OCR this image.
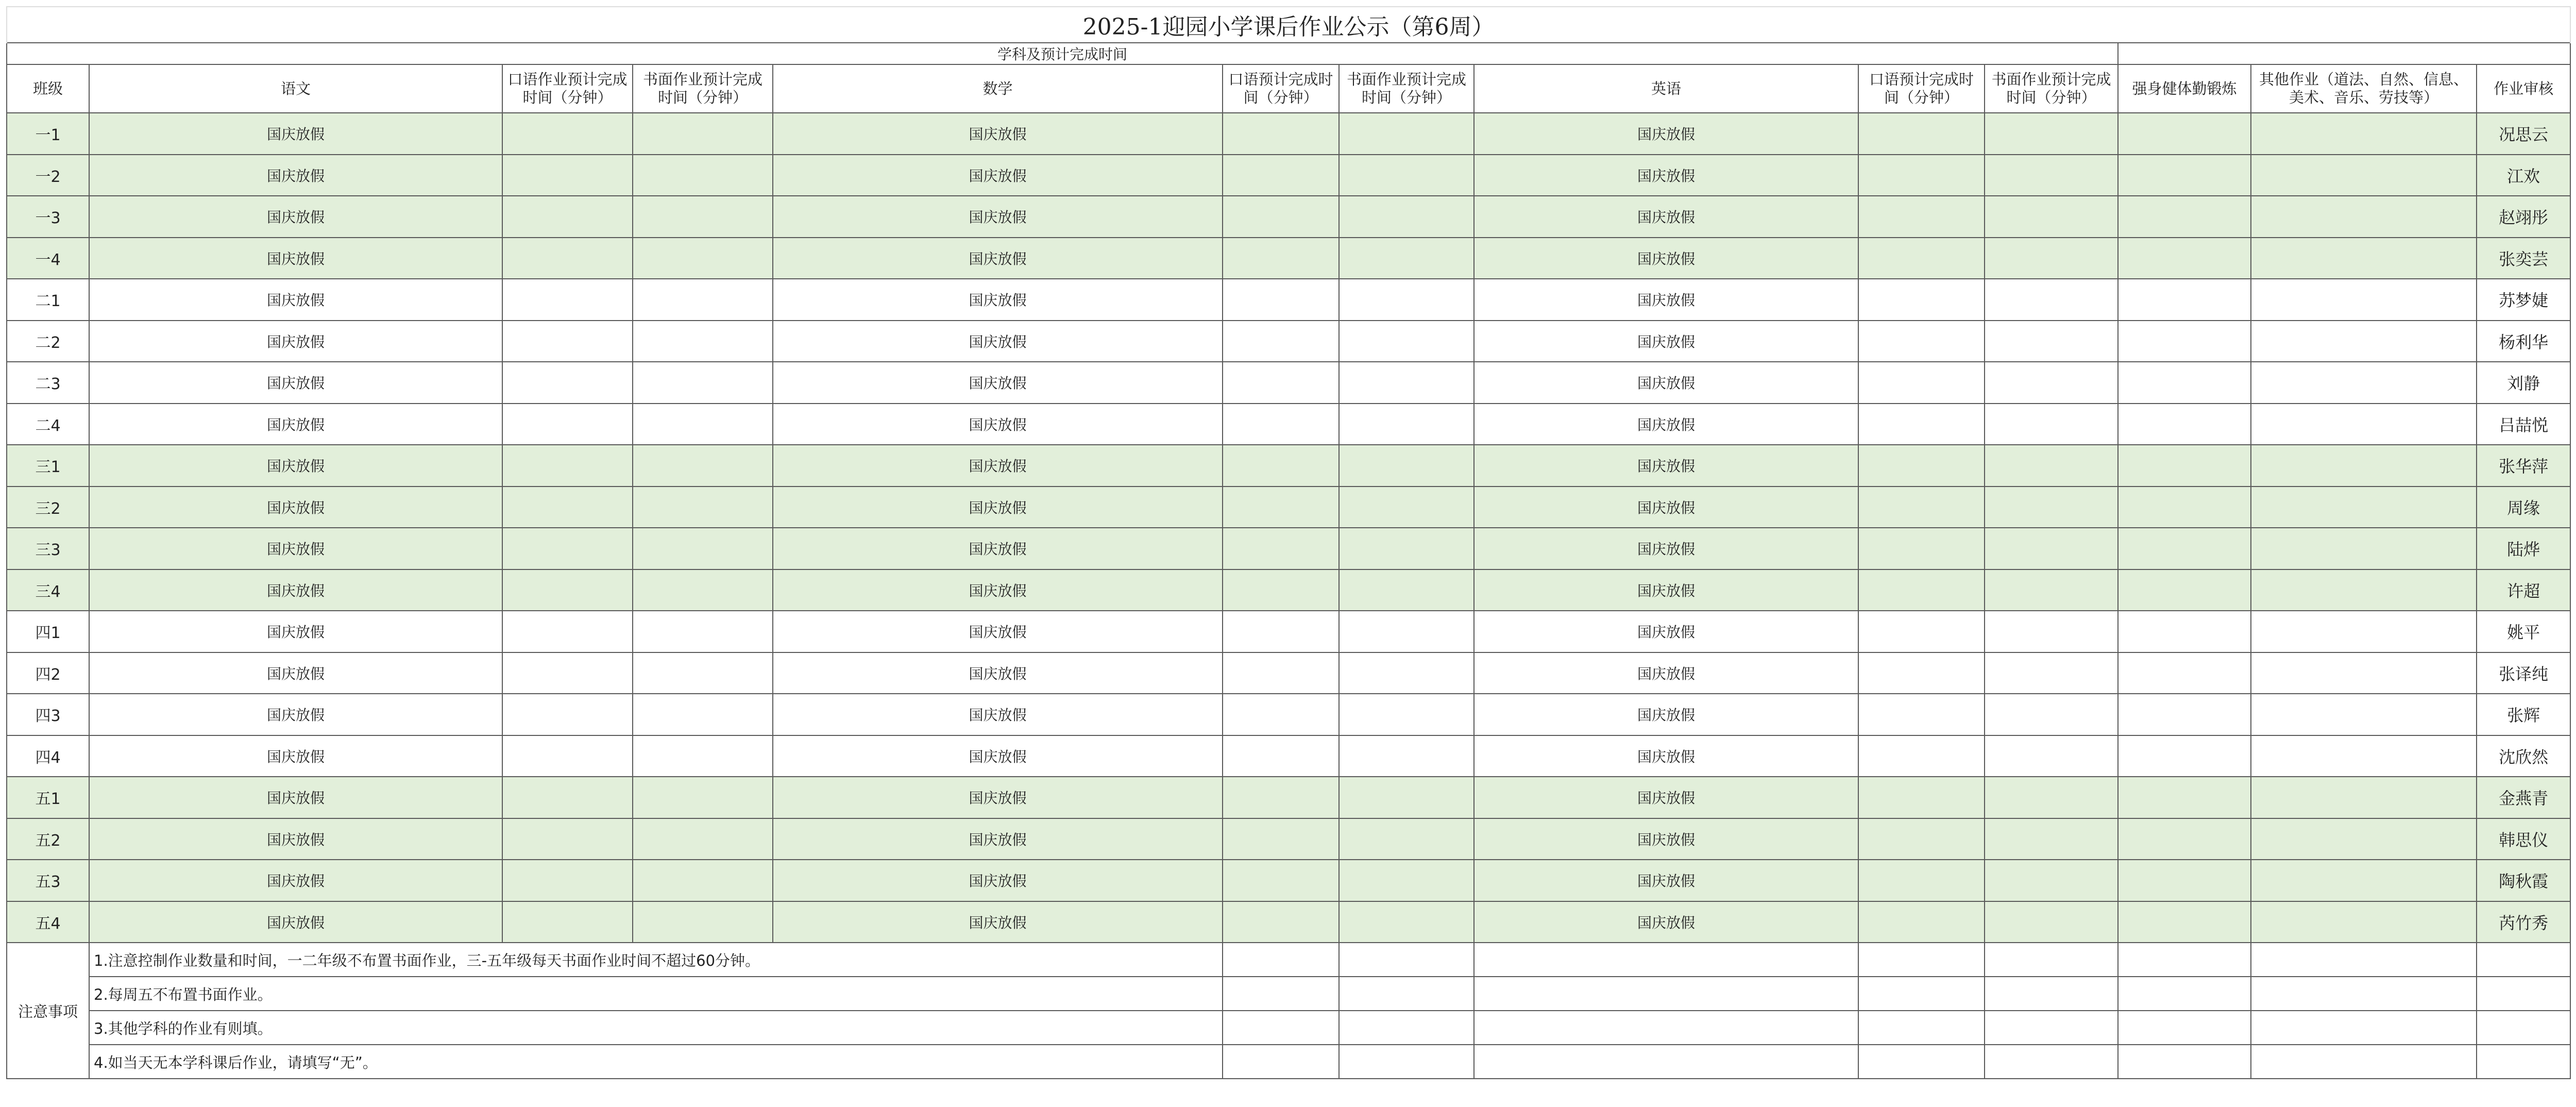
2025-1迎园小学课后作业公示（第6周）												
学科及预计完成时间												
班级	语文	口语作业预计完成时间（分钟）	书面作业预计完成时间（分钟）	数学	口语预计完成时间（分钟）	书面作业预计完成时间（分钟）	英语	口语预计完成时间（分钟）	书面作业预计完成时间（分钟）	强身健体勤锻炼	其他作业（道法、自然、信息、美术、音乐、劳技等）	作业审核
一1	国庆放假			国庆放假			国庆放假					况思云
一2	国庆放假			国庆放假			国庆放假					江欢
一3	国庆放假			国庆放假			国庆放假					赵翊彤
一4	国庆放假			国庆放假			国庆放假					张奕芸
二1	国庆放假			国庆放假			国庆放假					苏梦婕
二2	国庆放假			国庆放假			国庆放假					杨利华
二3	国庆放假			国庆放假			国庆放假					刘静
二4	国庆放假			国庆放假			国庆放假					吕喆悦
三1	国庆放假			国庆放假			国庆放假					张华萍
三2	国庆放假			国庆放假			国庆放假					周缘
三3	国庆放假			国庆放假			国庆放假					陆烨
三4	国庆放假			国庆放假			国庆放假					许超
四1	国庆放假			国庆放假			国庆放假					姚平
四2	国庆放假			国庆放假			国庆放假					张译纯
四3	国庆放假			国庆放假			国庆放假					张辉
四4	国庆放假			国庆放假			国庆放假					沈欣然
五1	国庆放假			国庆放假			国庆放假					金燕青
五2	国庆放假			国庆放假			国庆放假					韩思仪
五3	国庆放假			国庆放假			国庆放假					陶秋霞
五4	国庆放假			国庆放假			国庆放假					芮竹秀
注意事项	1.注意控制作业数量和时间，一二年级不布置书面作业，三-五年级每天书面作业时间不超过60分钟。											
	2.每周五不布置书面作业。											
	3.其他学科的作业有则填。											
	4.如当天无本学科课后作业，请填写“无”。											
